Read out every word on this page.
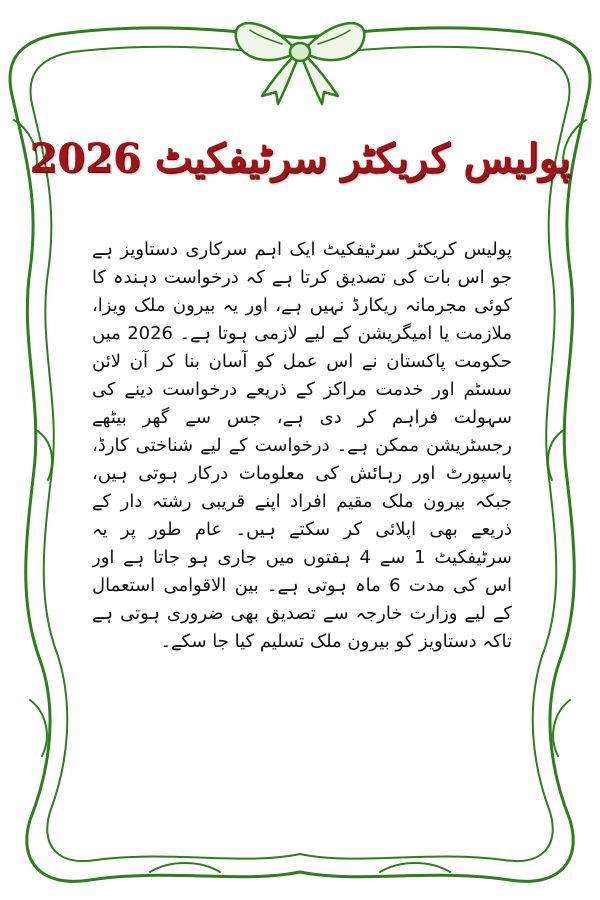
پولیس کریکٹر سرٹیفکیٹ 2026

پولیس کریکٹر سرٹیفکیٹ ایک اہم سرکاری دستاویز ہے جو اس بات کی تصدیق کرتا ہے کہ درخواست دہندہ کا کوئی مجرمانہ ریکارڈ نہیں ہے، اور یہ بیرون ملک ویزا، ملازمت یا امیگریشن کے لیے لازمی ہوتا ہے۔ 2026 میں حکومت پاکستان نے اس عمل کو آسان بنا کر آن لائن سسٹم اور خدمت مراکز کے ذریعے درخواست دینے کی سہولت فراہم کر دی ہے، جس سے گھر بیٹھے رجسٹریشن ممکن ہے۔ درخواست کے لیے شناختی کارڈ، پاسپورٹ اور رہائش کی معلومات درکار ہوتی ہیں، جبکہ بیرون ملک مقیم افراد اپنے قریبی رشتہ دار کے ذریعے بھی اپلائی کر سکتے ہیں۔ عام طور پر یہ سرٹیفکیٹ 1 سے 4 ہفتوں میں جاری ہو جاتا ہے اور اس کی مدت 6 ماہ ہوتی ہے۔ بین الاقوامی استعمال کے لیے وزارت خارجہ سے تصدیق بھی ضروری ہوتی ہے تاکہ دستاویز کو بیرون ملک تسلیم کیا جا سکے۔
